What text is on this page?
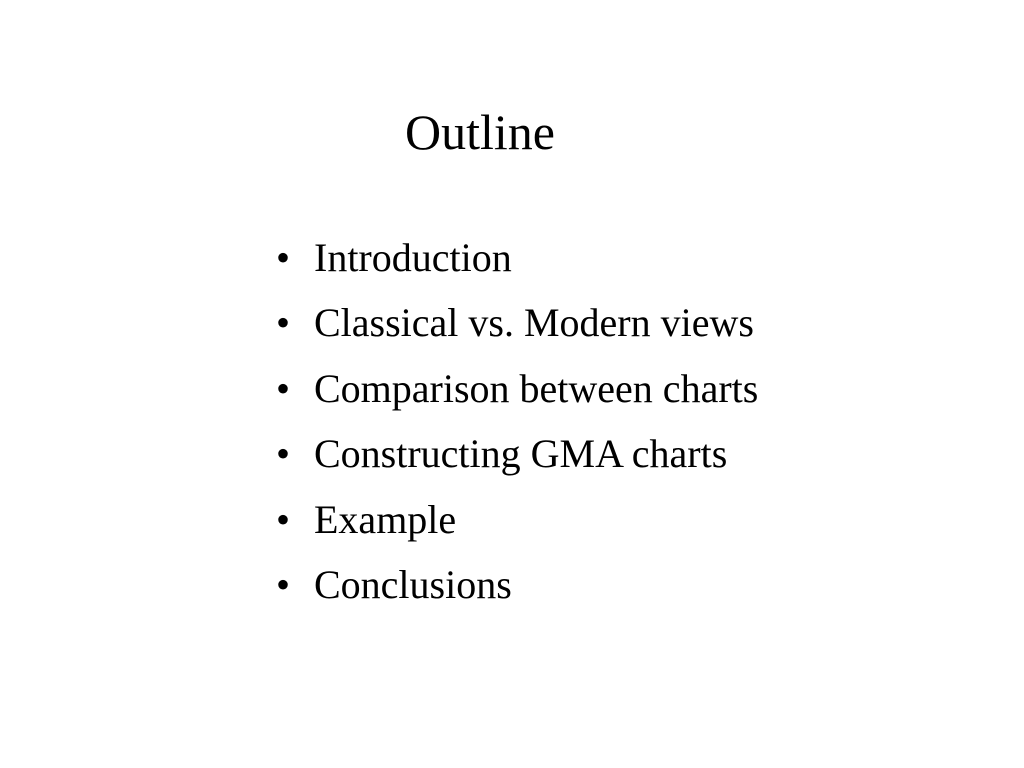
Outline
• Introduction
• Classical vs. Modern views
• Comparison between charts
• Constructing GMA charts
• Example
• Conclusions
